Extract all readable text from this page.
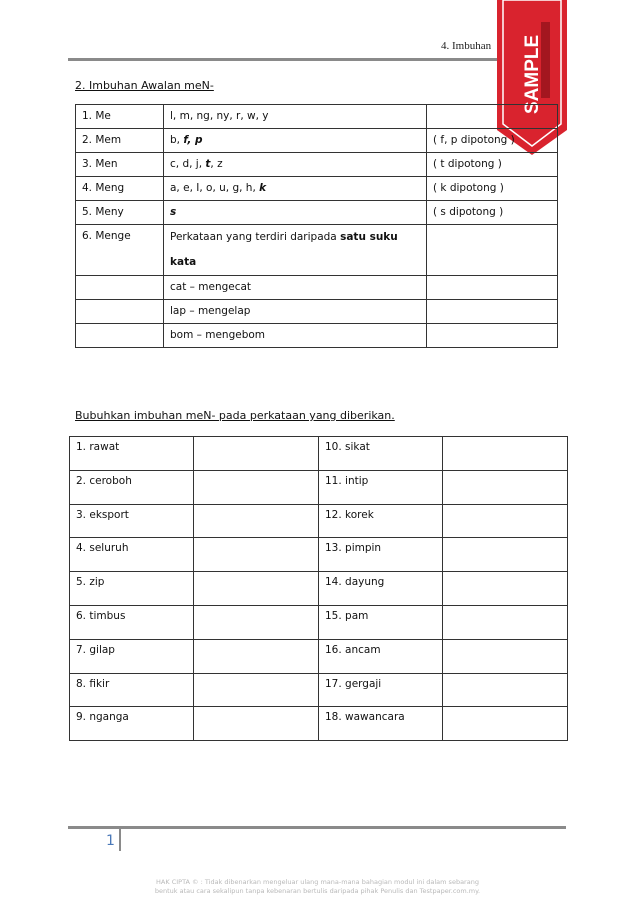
4. Imbuhan SAMPLE
2. Imbuhan Awalan meN-
1. Me	l, m, ng, ny, r, w, y	
2. Mem	b, f, p	( f, p dipotong )
3. Men	c, d, j, t, z	( t dipotong )
4. Meng	a, e, I, o, u, g, h, k	( k dipotong )
5. Meny	s	( s dipotong )
6. Menge	Perkataan yang terdiri daripada satu suku kata	
	cat – mengecat	
	lap – mengelap	
	bom – mengebom	
Bubuhkan imbuhan meN- pada perkataan yang diberikan.
1. rawat		10. sikat	
2. ceroboh		11. intip	
3. eksport		12. korek	
4. seluruh		13. pimpin	
5. zip		14. dayung	
6. timbus		15. pam	
7. gilap		16. ancam	
8. fikir		17. gergaji	
9. nganga		18. wawancara	
1
HAK CIPTA © : Tidak dibenarkan mengeluar ulang mana-mana bahagian modul ini dalam sebarang
bentuk atau cara sekalipun tanpa kebenaran bertulis daripada pihak Penulis dan Testpaper.com.my.
